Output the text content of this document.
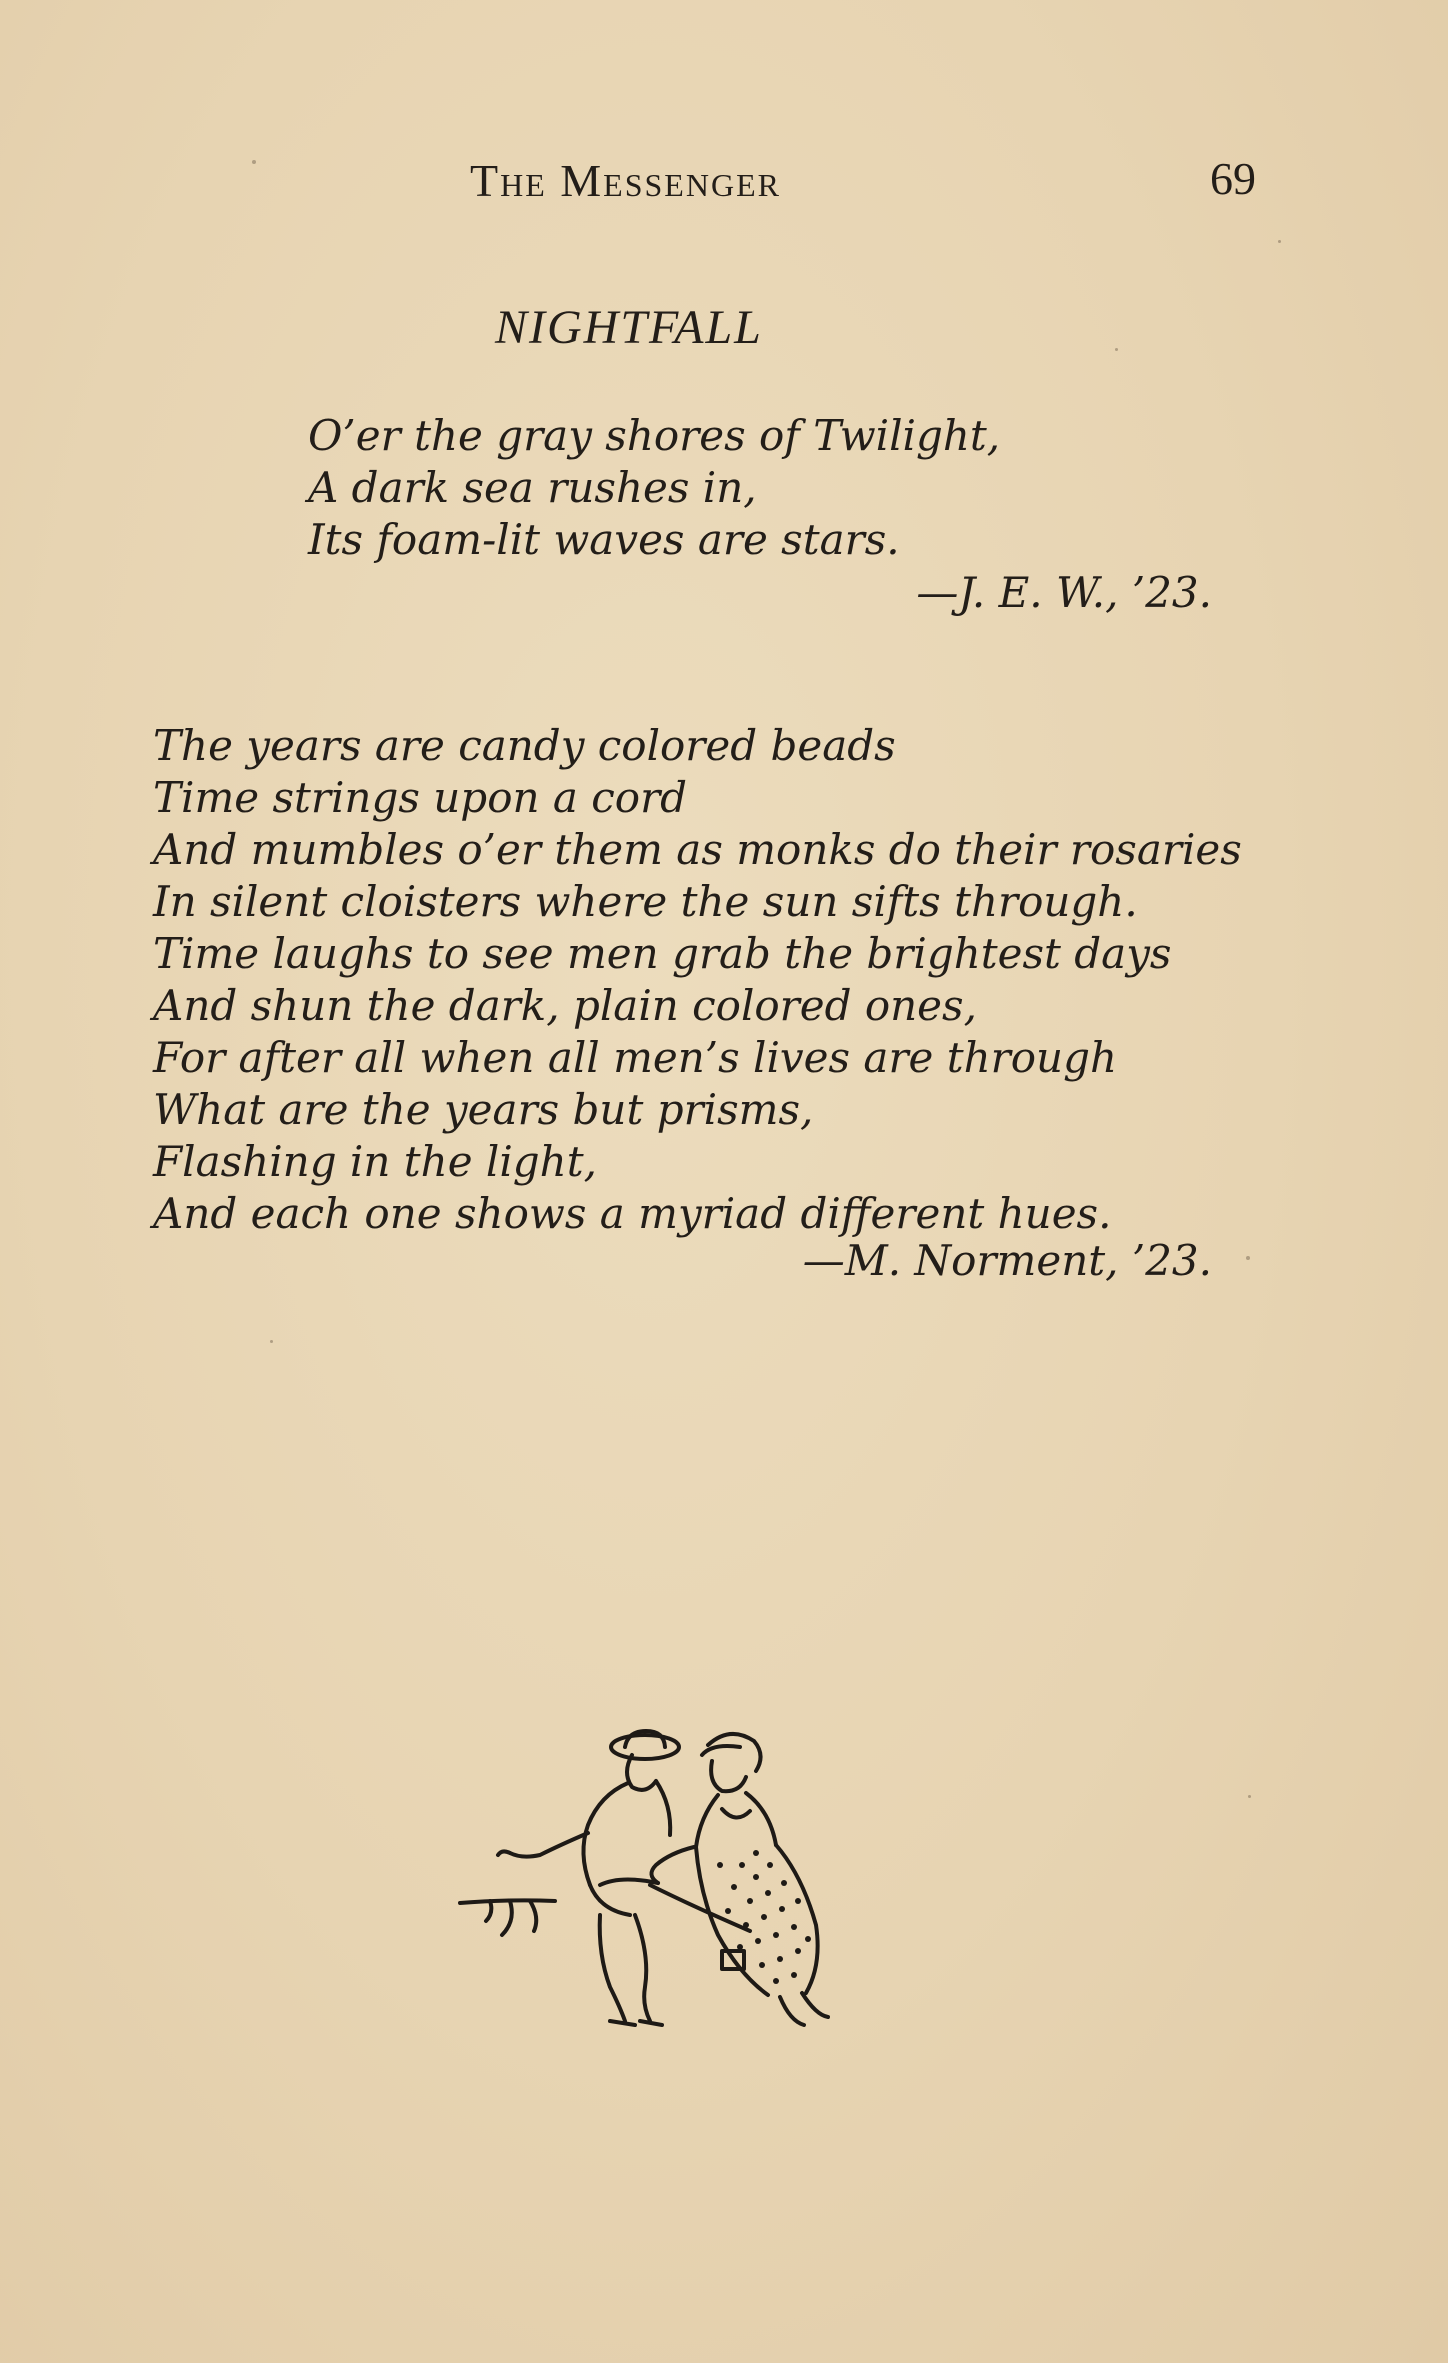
The Messenger	69
NIGHTFALL
O’er the gray shores of Twilight,
A dark sea rushes in,
Its foam-lit waves are stars.
—J. E. W., ’23.
The years are candy colored beads
Time strings upon a cord
And mumbles o’er them as monks do their rosaries
In silent cloisters where the sun sifts through.
Time laughs to see men grab the brightest days
And shun the dark, plain colored ones,
For after all when all men’s lives are through
What are the years but prisms,
Flashing in the light,
And each one shows a myriad different hues.
—M. Norment, ’23.
